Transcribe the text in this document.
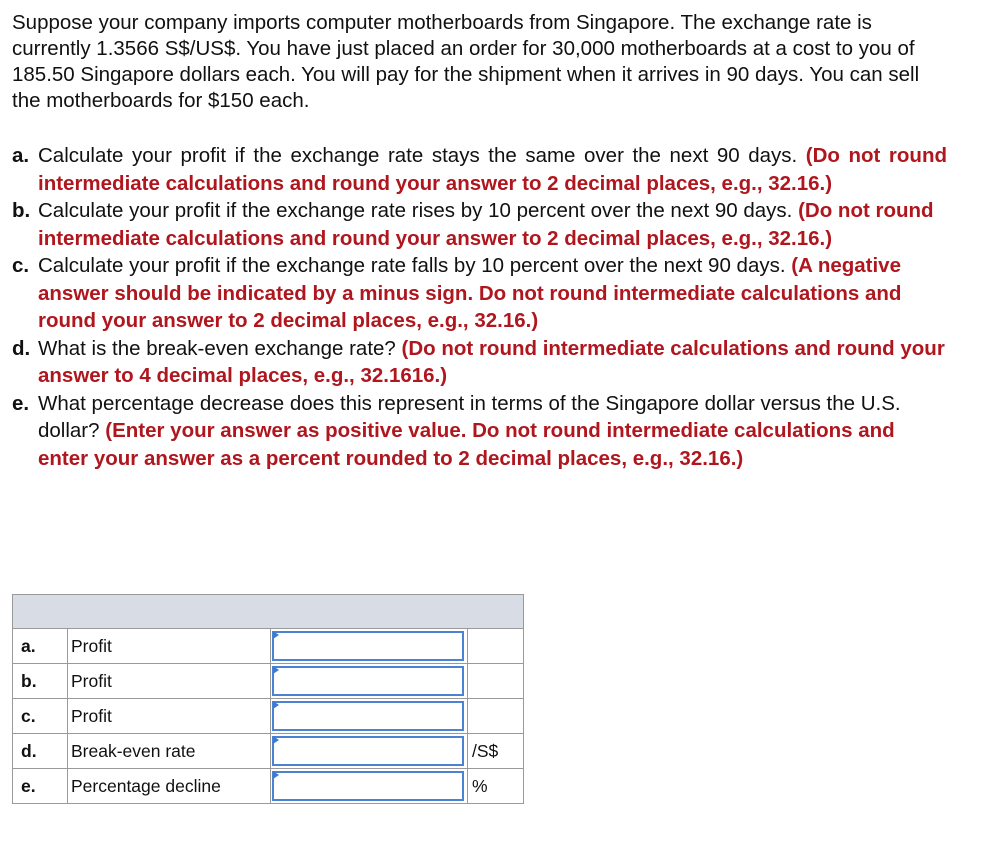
Suppose your company imports computer motherboards from Singapore. The exchange rate is currently 1.3566 S$/US$. You have just placed an order for 30,000 motherboards at a cost to you of 185.50 Singapore dollars each. You will pay for the shipment when it arrives in 90 days. You can sell the motherboards for $150 each.

a. Calculate your profit if the exchange rate stays the same over the next 90 days. (Do not round intermediate calculations and round your answer to 2 decimal places, e.g., 32.16.)
b. Calculate your profit if the exchange rate rises by 10 percent over the next 90 days. (Do not round intermediate calculations and round your answer to 2 decimal places, e.g., 32.16.)
c. Calculate your profit if the exchange rate falls by 10 percent over the next 90 days. (A negative answer should be indicated by a minus sign. Do not round intermediate calculations and round your answer to 2 decimal places, e.g., 32.16.)
d. What is the break-even exchange rate? (Do not round intermediate calculations and round your answer to 4 decimal places, e.g., 32.1616.)
e. What percentage decrease does this represent in terms of the Singapore dollar versus the U.S. dollar? (Enter your answer as positive value. Do not round intermediate calculations and enter your answer as a percent rounded to 2 decimal places, e.g., 32.16.)

a.	Profit	

b.	Profit	

c.	Profit	

d.	Break-even rate		/S$
e.	Percentage decline		%
